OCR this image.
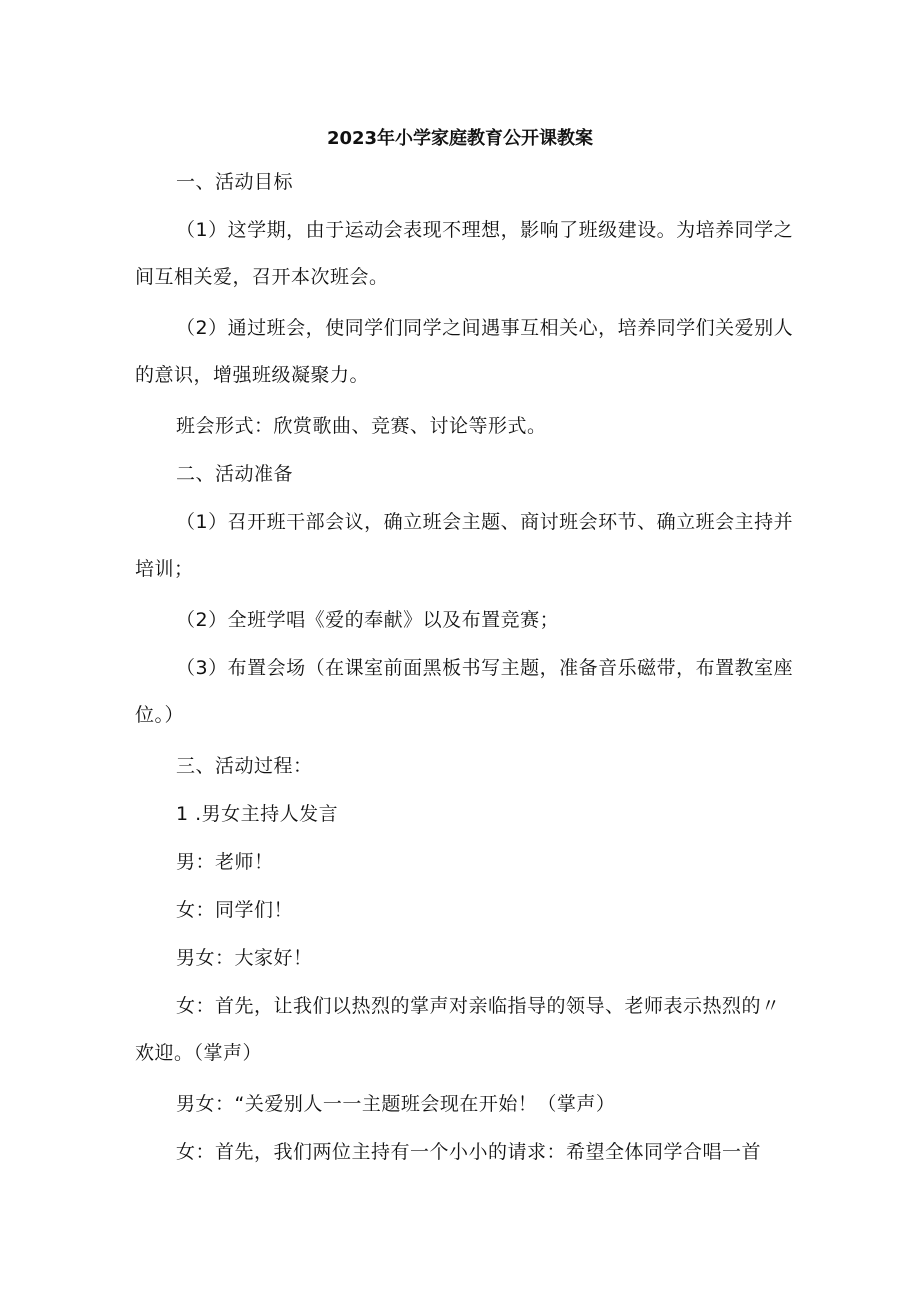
2023年小学家庭教育公开课教案

一、活动目标

（1）这学期，由于运动会表现不理想，影响了班级建设。为培养同学之间互相关爱，召开本次班会。

（2）通过班会，使同学们同学之间遇事互相关心，培养同学们关爱别人的意识，增强班级凝聚力。

班会形式：欣赏歌曲、竞赛、讨论等形式。

二、活动准备

（1）召开班干部会议，确立班会主题、商讨班会环节、确立班会主持并培训；

（2）全班学唱《爱的奉献》以及布置竞赛；

（3）布置会场（在课室前面黑板书写主题，准备音乐磁带，布置教室座位。）

三、活动过程：

1 .男女主持人发言

男：老师！

女：同学们！

男女：大家好！

女：首先，让我们以热烈的掌声对亲临指导的领导、老师表示热烈的〃欢迎。（掌声）

男女：“关爱别人一一主题班会现在开始！（掌声）

女：首先，我们两位主持有一个小小的请求：希望全体同学合唱一首
